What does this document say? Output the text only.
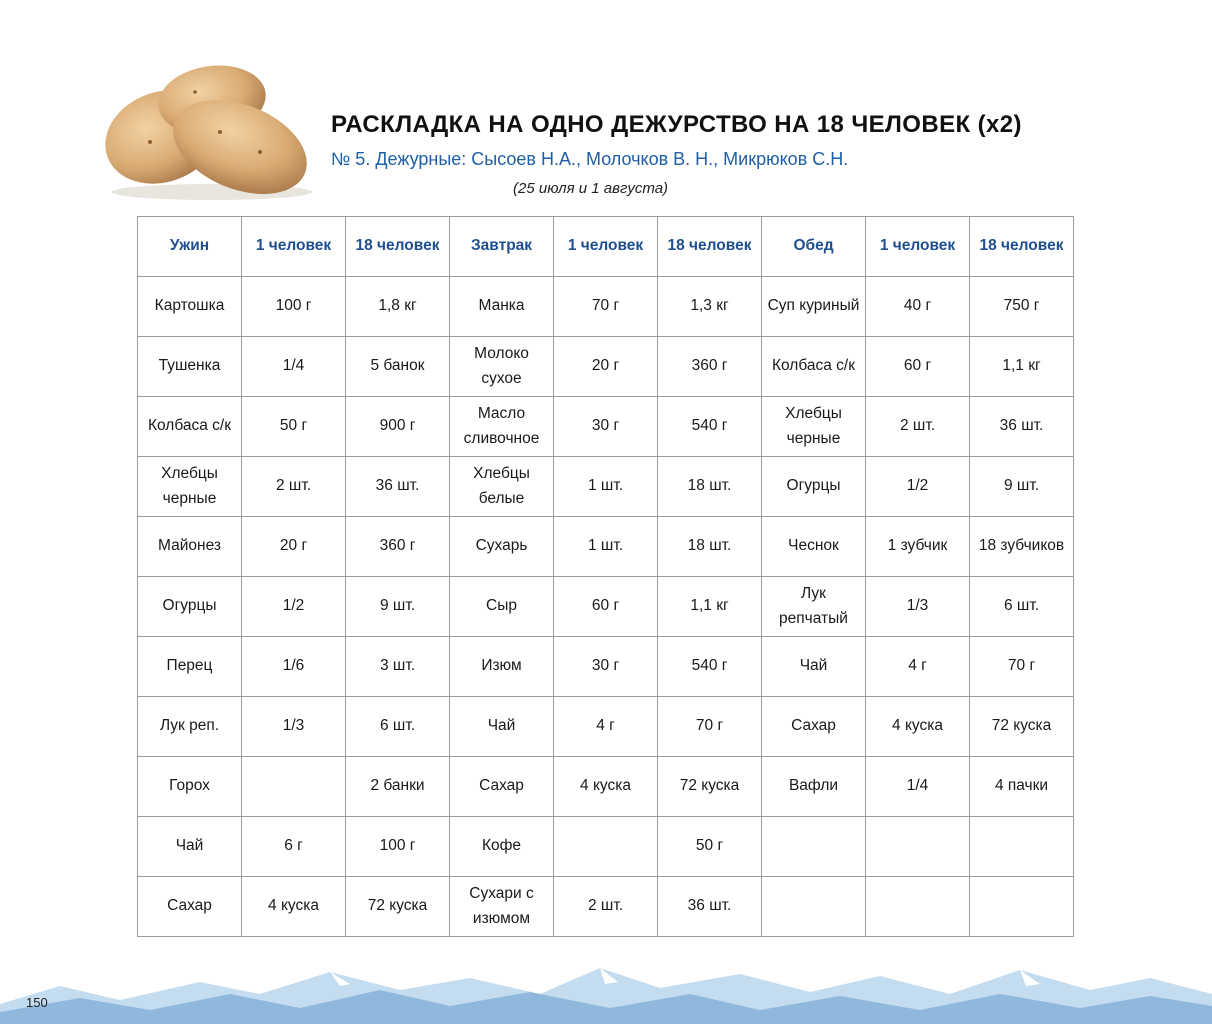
РАСКЛАДКА НА ОДНО ДЕЖУРСТВО НА 18 ЧЕЛОВЕК (x2)
№ 5. Дежурные: Сысоев Н.А., Молочков В. Н., Микрюков С.Н.
(25 июля и 1 августа)
Ужин	1 человек	18 человек	Завтрак	1 человек	18 человек	Обед	1 человек	18 человек
Картошка	100 г	1,8 кг	Манка	70 г	1,3 кг	Суп куриный	40 г	750 г
Тушенка	1/4	5 банок	Молоко сухое	20 г	360 г	Колбаса с/к	60 г	1,1 кг
Колбаса с/к	50 г	900 г	Масло сливочное	30 г	540 г	Хлебцы черные	2 шт.	36 шт.
Хлебцы черные	2 шт.	36 шт.	Хлебцы белые	1 шт.	18 шт.	Огурцы	1/2	9 шт.
Майонез	20 г	360 г	Сухарь	1 шт.	18 шт.	Чеснок	1 зубчик	18 зубчиков
Огурцы	1/2	9 шт.	Сыр	60 г	1,1 кг	Лук репчатый	1/3	6 шт.
Перец	1/6	3 шт.	Изюм	30 г	540 г	Чай	4 г	70 г
Лук реп.	1/3	6 шт.	Чай	4 г	70 г	Сахар	4 куска	72 куска
Горох		2 банки	Сахар	4 куска	72 куска	Вафли	1/4	4 пачки
Чай	6 г	100 г	Кофе		50 г			
Сахар	4 куска	72 куска	Сухари с изюмом	2 шт.	36 шт.			
150
